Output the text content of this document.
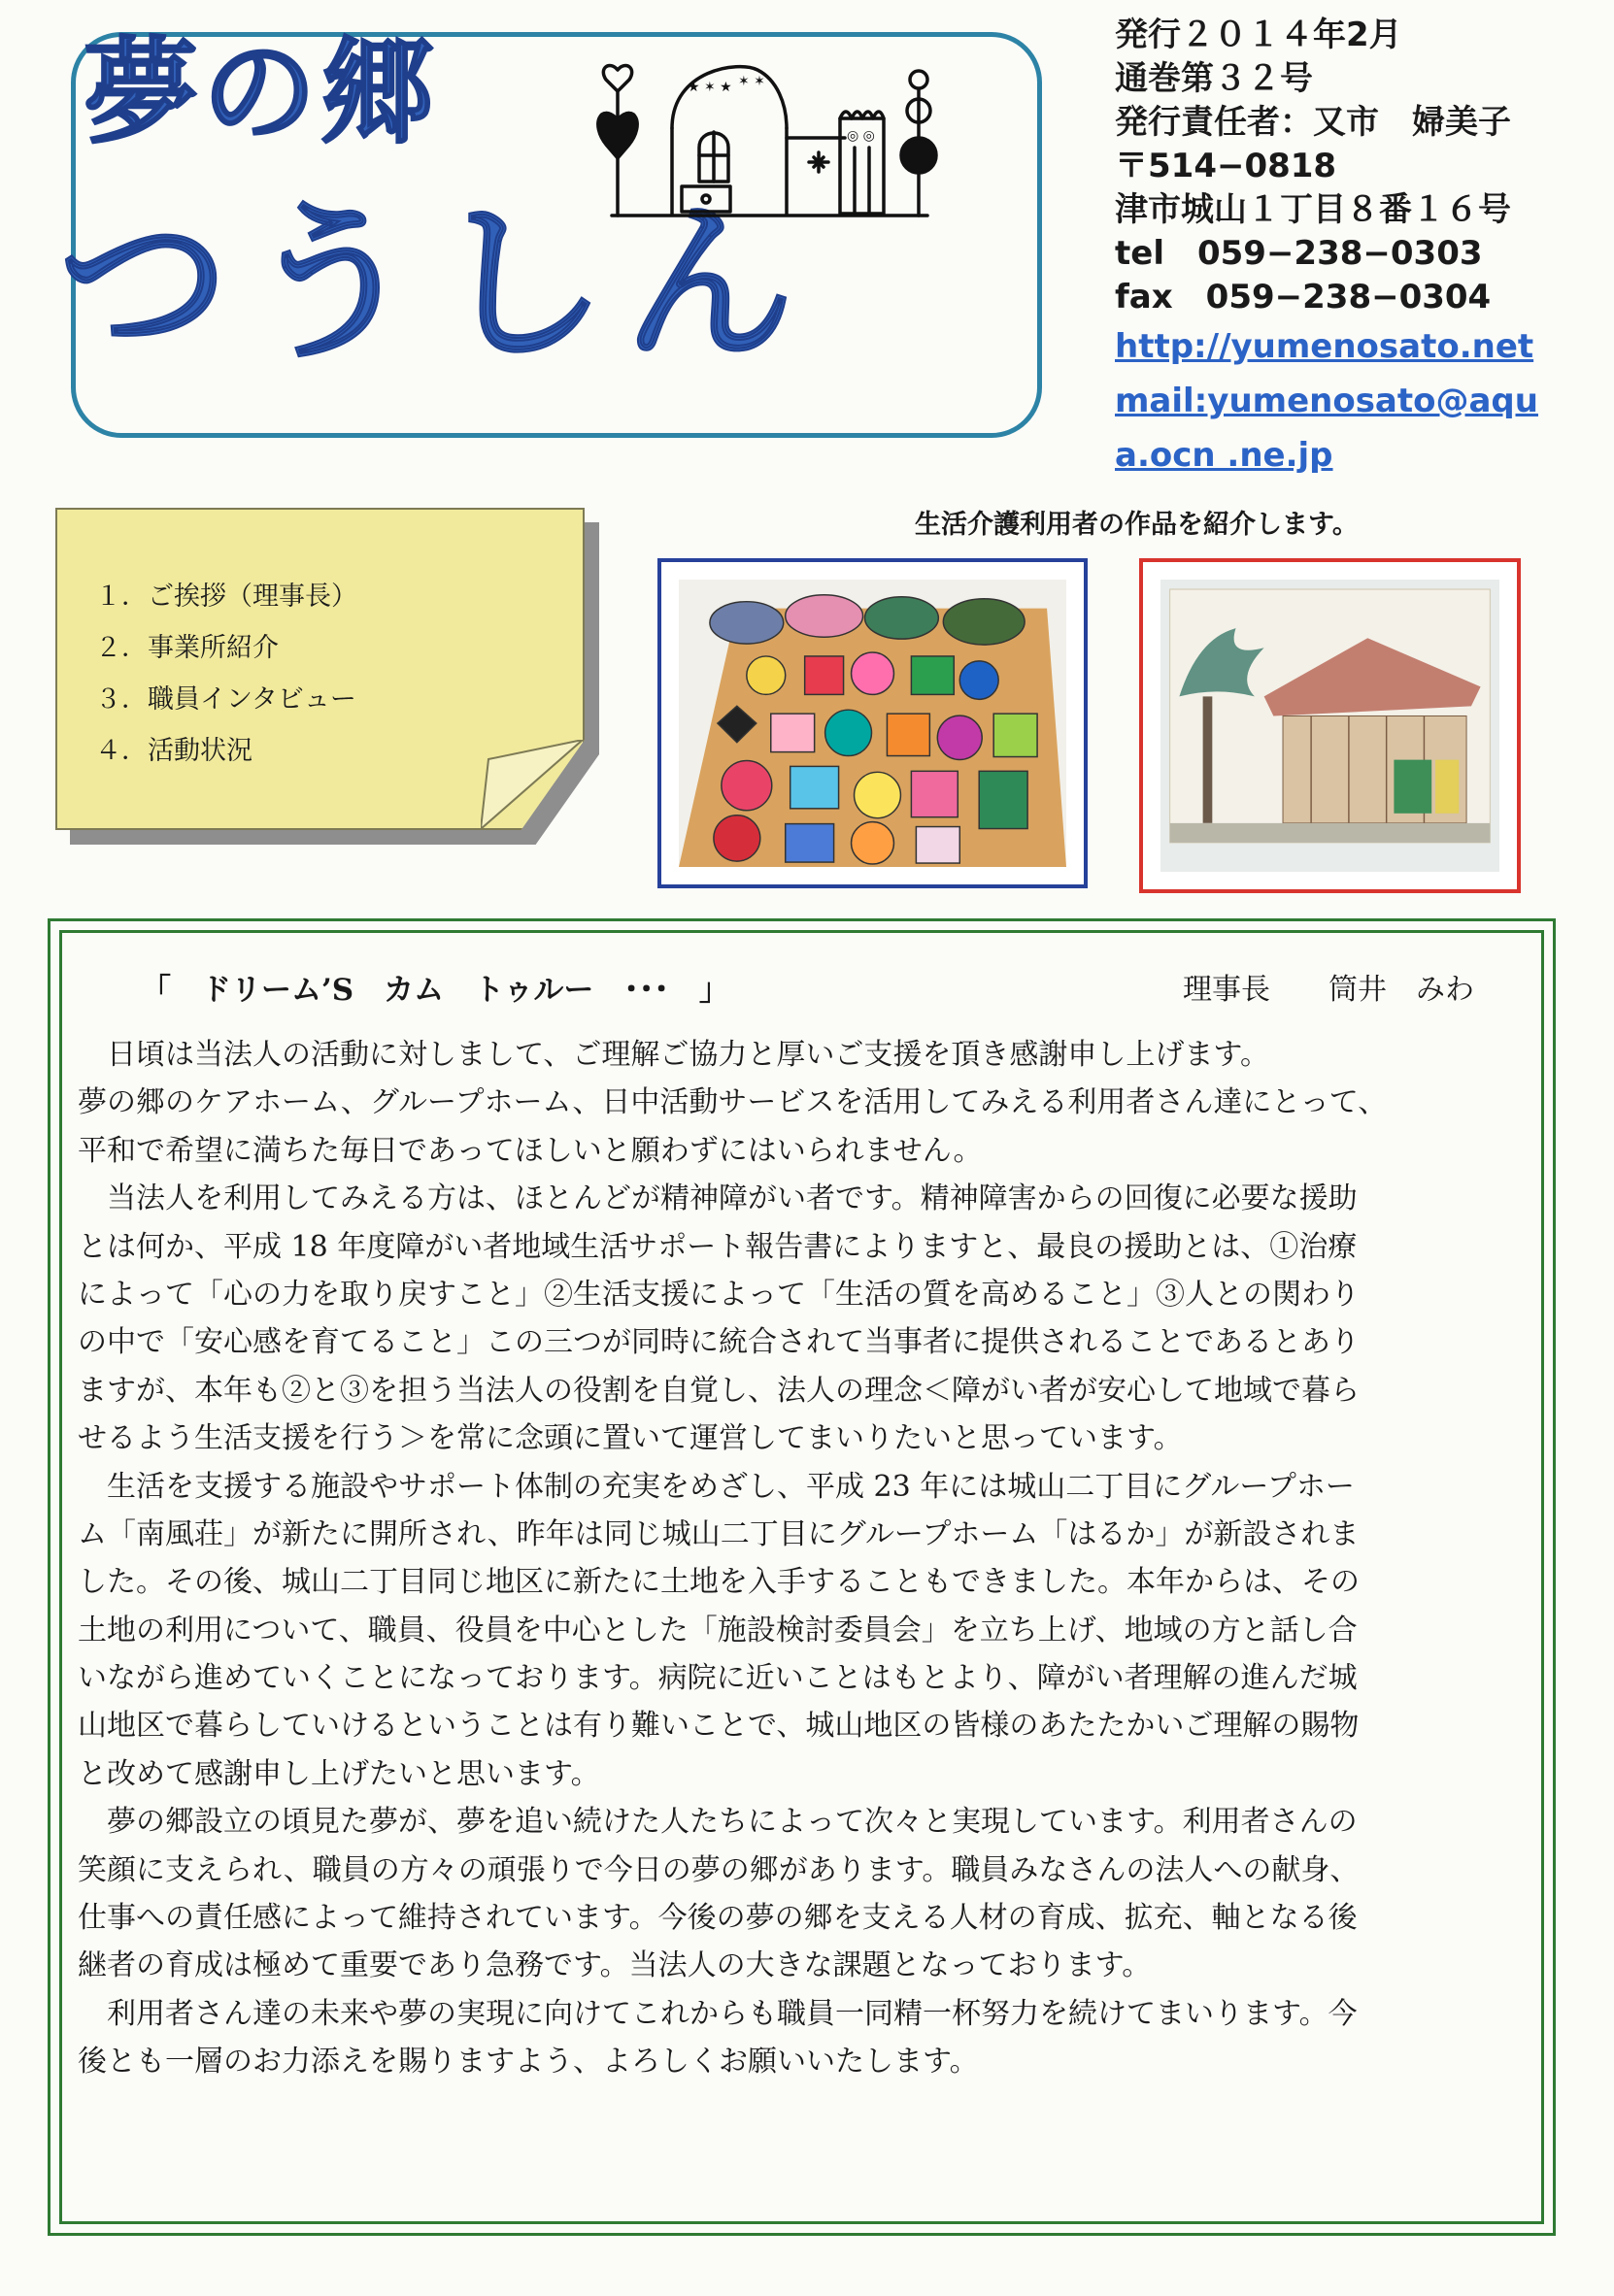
夢の郷
つうしん
★ ✶ ★ ✶ ✶
◎ ◎
発行２０１４年2月
通巻第３２号
発行責任者：又市　婦美子
〒514−0818
津市城山１丁目８番１６号
tel　059−238−0303
fax　059−238−0304
http://yumenosato.net
mail:yumenosato@aqu
a.ocn .ne.jp
１．ご挨拶（理事長）
２．事業所紹介
３．職員インタビュー
４．活動状況
生活介護利用者の作品を紹介します。
「　ドリーム’S　カム　トゥルー　･･･　」	理事長　　筒井　みわ
　日頃は当法人の活動に対しまして、ご理解ご協力と厚いご支援を頂き感謝申し上げます。
夢の郷のケアホーム、グループホーム、日中活動サービスを活用してみえる利用者さん達にとって、
平和で希望に満ちた毎日であってほしいと願わずにはいられません。
　当法人を利用してみえる方は、ほとんどが精神障がい者です。精神障害からの回復に必要な援助
とは何か、平成 18 年度障がい者地域生活サポート報告書によりますと、最良の援助とは、①治療
によって「心の力を取り戻すこと」②生活支援によって「生活の質を高めること」③人との関わり
の中で「安心感を育てること」この三つが同時に統合されて当事者に提供されることであるとあり
ますが、本年も②と③を担う当法人の役割を自覚し、法人の理念＜障がい者が安心して地域で暮ら
せるよう生活支援を行う＞を常に念頭に置いて運営してまいりたいと思っています。
　生活を支援する施設やサポート体制の充実をめざし、平成 23 年には城山二丁目にグループホー
ム「南風荘」が新たに開所され、昨年は同じ城山二丁目にグループホーム「はるか」が新設されま
した。その後、城山二丁目同じ地区に新たに土地を入手することもできました。本年からは、その
土地の利用について、職員、役員を中心とした「施設検討委員会」を立ち上げ、地域の方と話し合
いながら進めていくことになっております。病院に近いことはもとより、障がい者理解の進んだ城
山地区で暮らしていけるということは有り難いことで、城山地区の皆様のあたたかいご理解の賜物
と改めて感謝申し上げたいと思います。
　夢の郷設立の頃見た夢が、夢を追い続けた人たちによって次々と実現しています。利用者さんの
笑顔に支えられ、職員の方々の頑張りで今日の夢の郷があります。職員みなさんの法人への献身、
仕事への責任感によって維持されています。今後の夢の郷を支える人材の育成、拡充、軸となる後
継者の育成は極めて重要であり急務です。当法人の大きな課題となっております。
　利用者さん達の未来や夢の実現に向けてこれからも職員一同精一杯努力を続けてまいります。今
後とも一層のお力添えを賜りますよう、よろしくお願いいたします。
